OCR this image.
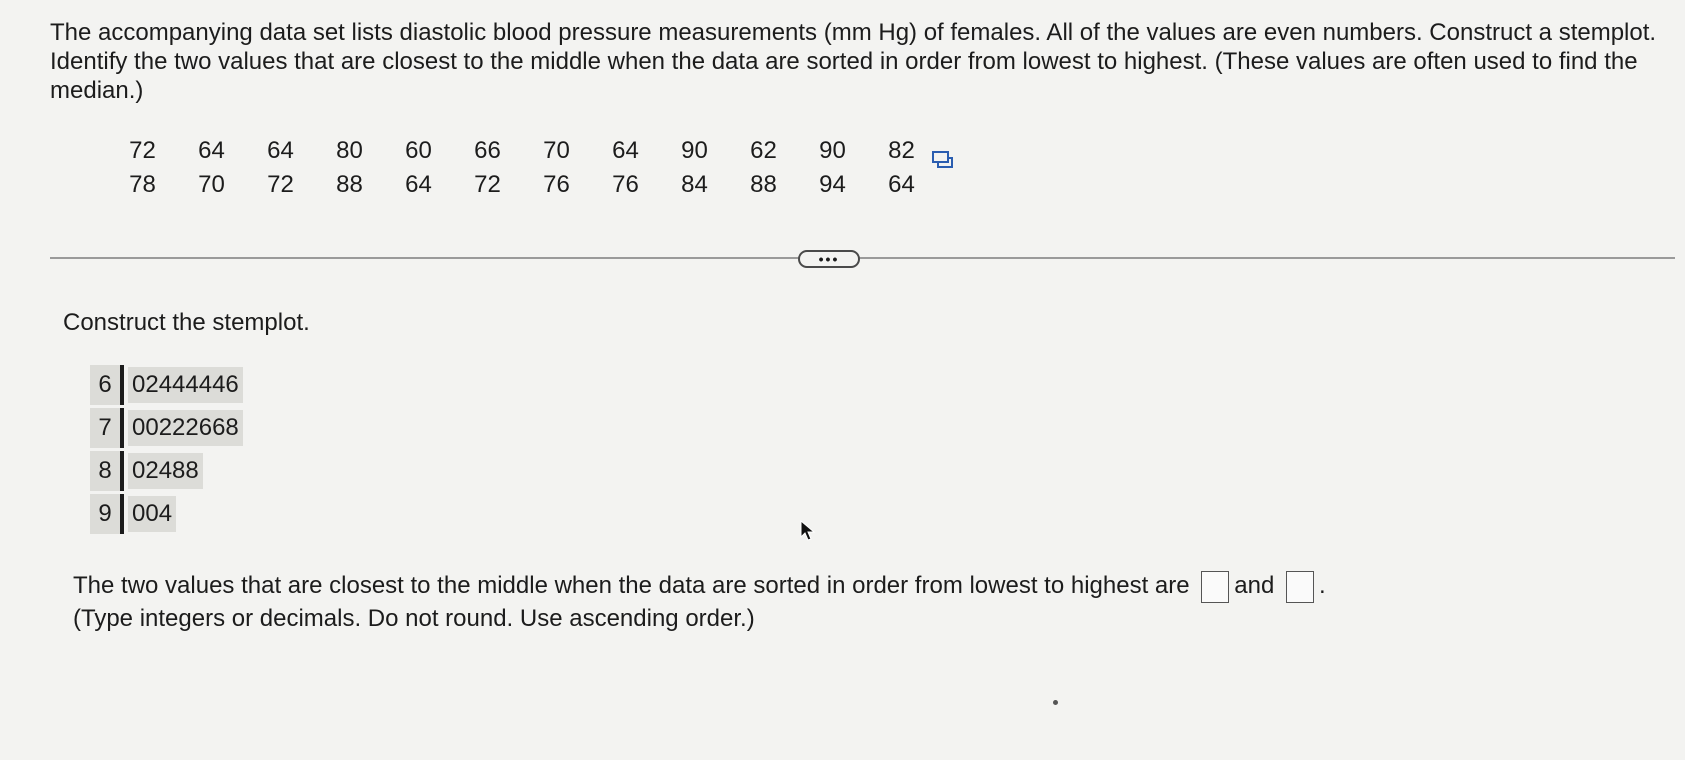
The accompanying data set lists diastolic blood pressure measurements (mm Hg) of females. All of the values are even numbers. Construct a stemplot. Identify the two values that are closest to the middle when the data are sorted in order from lowest to highest. (These values are often used to find the median.)
72	64	64	80	60	66	70	64	90	62	90	82
78	70	72	88	64	72	76	76	84	88	94	64
•••
Construct the stemplot.
6	02444446
7	00222668
8	02488
9	004
The two values that are closest to the middle when the data are sorted in order from lowest to highest are and .
(Type integers or decimals. Do not round. Use ascending order.)
